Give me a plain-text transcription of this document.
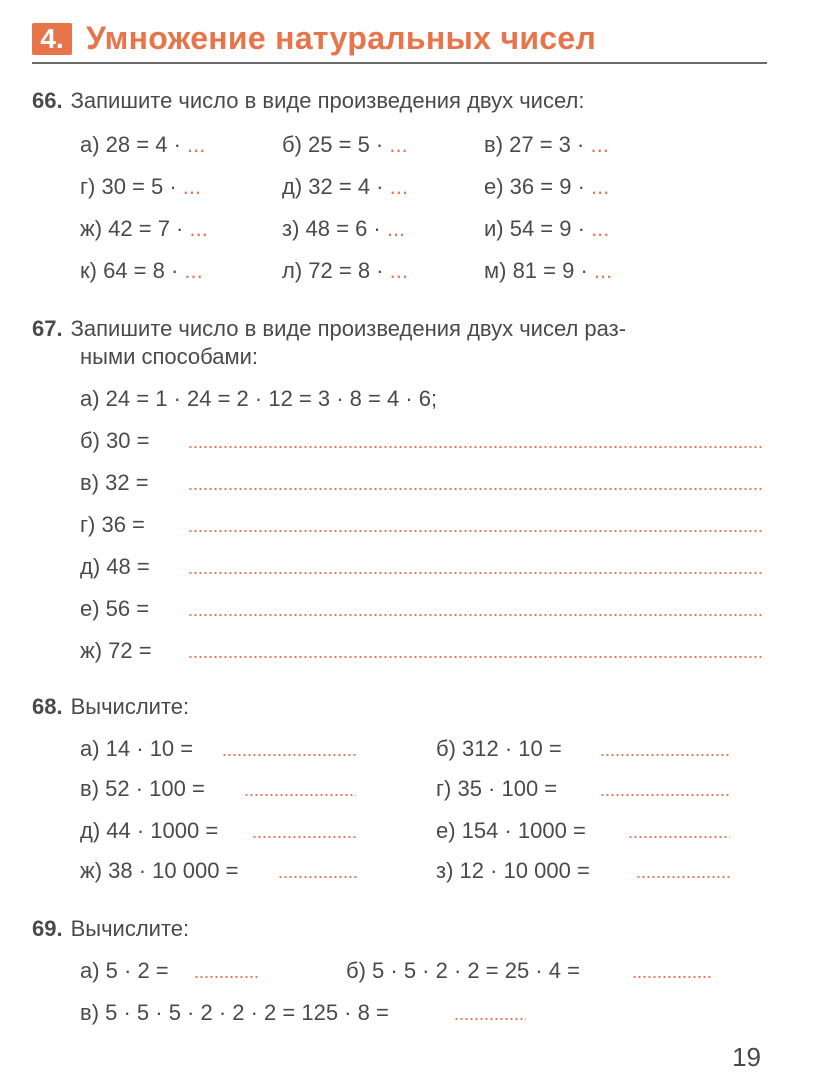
4. Умножение натуральных чисел
66. Запишите число в виде произведения двух чисел:
а) 28 = 4 · ...	б) 25 = 5 · ...	в) 27 = 3 · ...
г) 30 = 5 · ...	д) 32 = 4 · ...	е) 36 = 9 · ...
ж) 42 = 7 · ...	з) 48 = 6 · ...	и) 54 = 9 · ...
к) 64 = 8 · ...	л) 72 = 8 · ...	м) 81 = 9 · ...
67. Запишите число в виде произведения двух чисел раз-
ными способами:
а) 24 = 1 · 24 = 2 · 12 = 3 · 8 = 4 · 6;
б) 30 =
в) 32 =
г) 36 =
д) 48 =
е) 56 =
ж) 72 =
68. Вычислите:
а) 14 · 10 =	б) 312 · 10 =
в) 52 · 100 =	г) 35 · 100 =
д) 44 · 1000 =	е) 154 · 1000 =
ж) 38 · 10 000 =	з) 12 · 10 000 =
69. Вычислите:
а) 5 · 2 =	б) 5 · 5 · 2 · 2 = 25 · 4 =
в) 5 · 5 · 5 · 2 · 2 · 2 = 125 · 8 =
19
